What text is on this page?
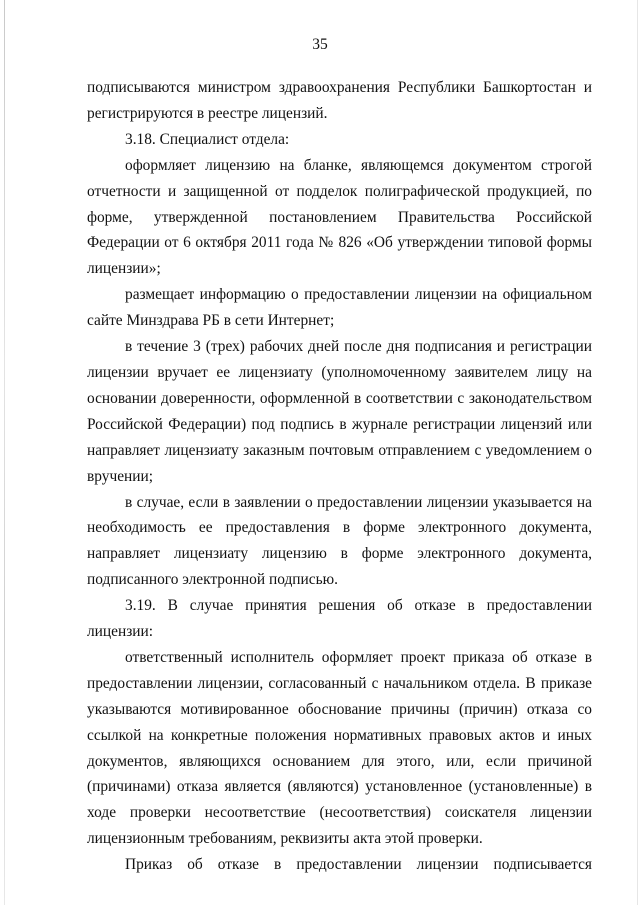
35

подписываются министром здравоохранения Республики Башкортостан и регистрируются в реестре лицензий.

3.18. Специалист отдела:

оформляет лицензию на бланке, являющемся документом строгой отчетности и защищенной от подделок полиграфической продукцией, по форме, утвержденной постановлением Правительства Российской Федерации от 6 октября 2011 года № 826 «Об утверждении типовой формы лицензии»;

размещает информацию о предоставлении лицензии на официальном сайте Минздрава РБ в сети Интернет;

в течение 3 (трех) рабочих дней после дня подписания и регистрации лицензии вручает ее лицензиату (уполномоченному заявителем лицу на основании доверенности, оформленной в соответствии с законодательством Российской Федерации) под подпись в журнале регистрации лицензий или направляет лицензиату заказным почтовым отправлением с уведомлением о вручении;

в случае, если в заявлении о предоставлении лицензии указывается на необходимость ее предоставления в форме электронного документа, направляет лицензиату лицензию в форме электронного документа, подписанного электронной подписью.

3.19. В случае принятия решения об отказе в предоставлении лицензии:

ответственный исполнитель оформляет проект приказа об отказе в предоставлении лицензии, согласованный с начальником отдела. В приказе указываются мотивированное обоснование причины (причин) отказа со ссылкой на конкретные положения нормативных правовых актов и иных документов, являющихся основанием для этого, или, если причиной (причинами) отказа является (являются) установленное (установленные) в ходе проверки несоответствие (несоответствия) соискателя лицензии лицензионным требованиям, реквизиты акта этой проверки.

Приказ об отказе в предоставлении лицензии подписывается
